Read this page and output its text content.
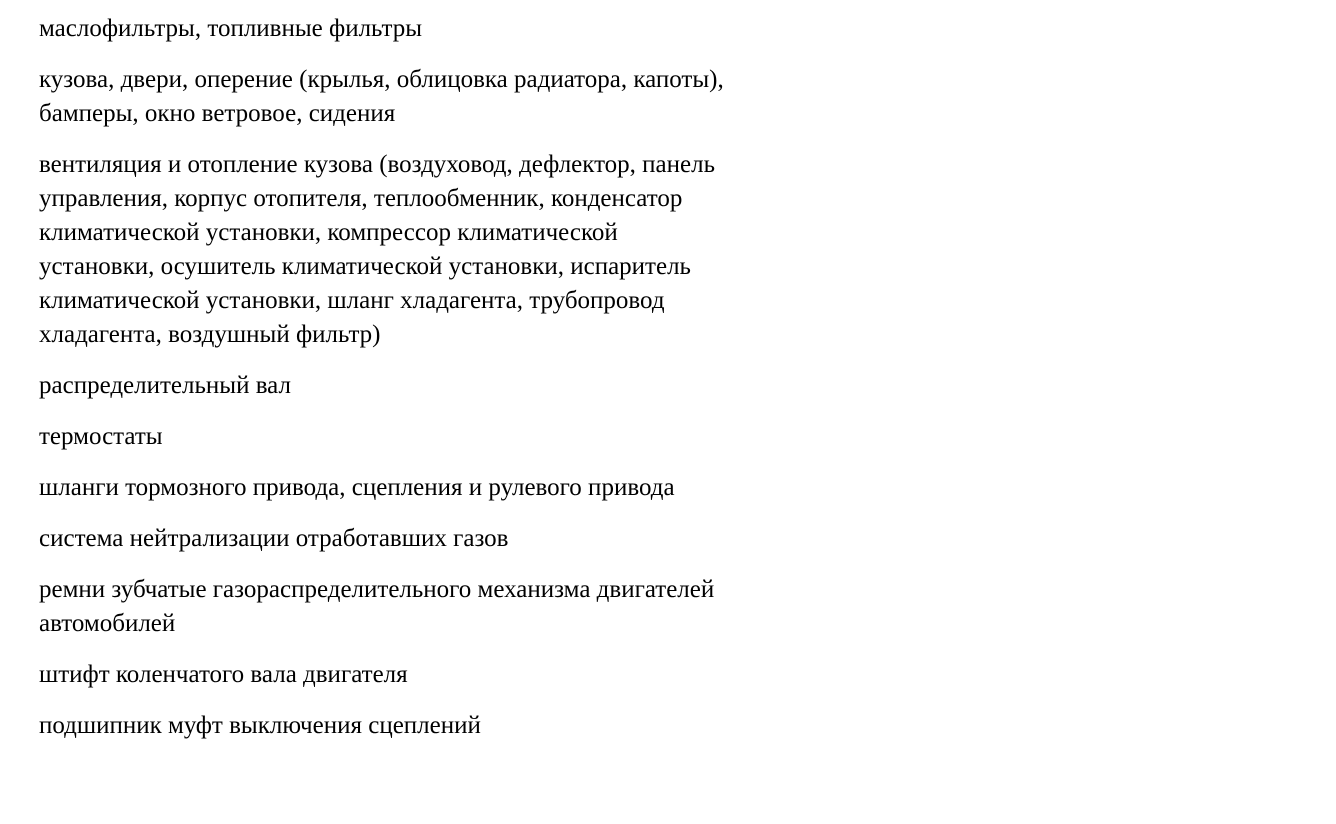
маслофильтры, топливные фильтры

кузова, двери, оперение (крылья, облицовка радиатора, капоты), бамперы, окно ветровое, сидения

вентиляция и отопление кузова (воздуховод, дефлектор, панель управления, корпус отопителя, теплообменник, конденсатор климатической установки, компрессор климатической установки, осушитель климатической установки, испаритель климатической установки, шланг хладагента, трубопровод хладагента, воздушный фильтр)

распределительный вал

термостаты

шланги тормозного привода, сцепления и рулевого привода

система нейтрализации отработавших газов

ремни зубчатые газораспределительного механизма двигателей автомобилей

штифт коленчатого вала двигателя

подшипник муфт выключения сцеплений
